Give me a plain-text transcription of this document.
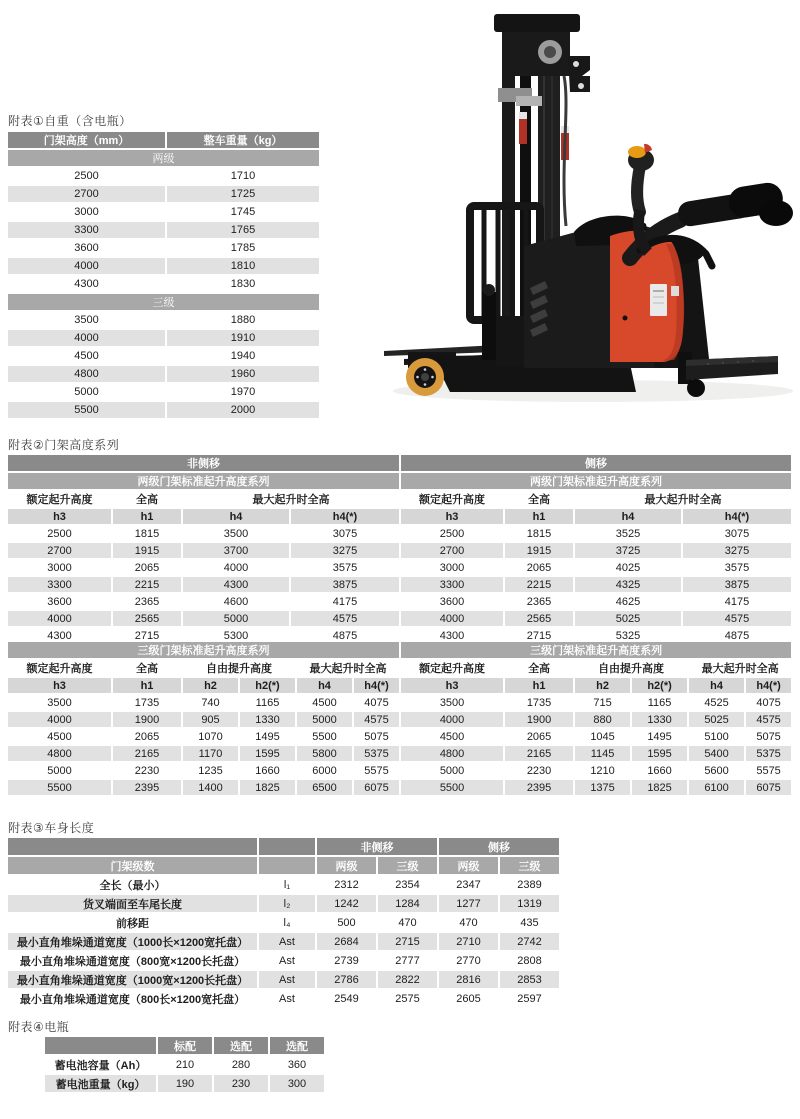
附表①自重（含电瓶）
门架高度（mm）	整车重量（kg）
两级	
2500	1710
2700	1725
3000	1745
3300	1765
3600	1785
4000	1810
4300	1830
三级	
3500	1880
4000	1910
4500	1940
4800	1960
5000	1970
5500	2000
附表②门架高度系列
非侧移				侧移			
两级门架标准起升高度系列				两级门架标准起升高度系列			
额定起升高度	全高	最大起升时全高		额定起升高度	全高	最大起升时全高	
h3	h1	h4	h4(*)	h3	h1	h4	h4(*)
2500	1815	3500	3075	2500	1815	3525	3075
2700	1915	3700	3275	2700	1915	3725	3275
3000	2065	4000	3575	3000	2065	4025	3575
3300	2215	4300	3875	3300	2215	4325	3875
3600	2365	4600	4175	3600	2365	4625	4175
4000	2565	5000	4575	4000	2565	5025	4575
4300	2715	5300	4875	4300	2715	5325	4875
三级门架标准起升高度系列						三级门架标准起升高度系列					
额定起升高度	全高	自由提升高度		最大起升时全高		额定起升高度	全高	自由提升高度		最大起升时全高	
h3	h1	h2	h2(*)	h4	h4(*)	h3	h1	h2	h2(*)	h4	h4(*)
3500	1735	740	1165	4500	4075	3500	1735	715	1165	4525	4075
4000	1900	905	1330	5000	4575	4000	1900	880	1330	5025	4575
4500	2065	1070	1495	5500	5075	4500	2065	1045	1495	5100	5075
4800	2165	1170	1595	5800	5375	4800	2165	1145	1595	5400	5375
5000	2230	1235	1660	6000	5575	5000	2230	1210	1660	5600	5575
5500	2395	1400	1825	6500	6075	5500	2395	1375	1825	6100	6075
附表③车身长度
		非侧移		侧移	
门架级数		两级	三级	两级	三级
全长（最小）	l₁	2312	2354	2347	2389
货叉端面至车尾长度	l₂	1242	1284	1277	1319
前移距	l₄	500	470	470	435
最小直角堆垛通道宽度（1000长×1200宽托盘）	Ast	2684	2715	2710	2742
最小直角堆垛通道宽度（800宽×1200长托盘）	Ast	2739	2777	2770	2808
最小直角堆垛通道宽度（1000宽×1200长托盘）	Ast	2786	2822	2816	2853
最小直角堆垛通道宽度（800长×1200宽托盘）	Ast	2549	2575	2605	2597
附表④电瓶
	标配	选配	选配
蓄电池容量（Ah）	210	280	360
蓄电池重量（kg）	190	230	300
